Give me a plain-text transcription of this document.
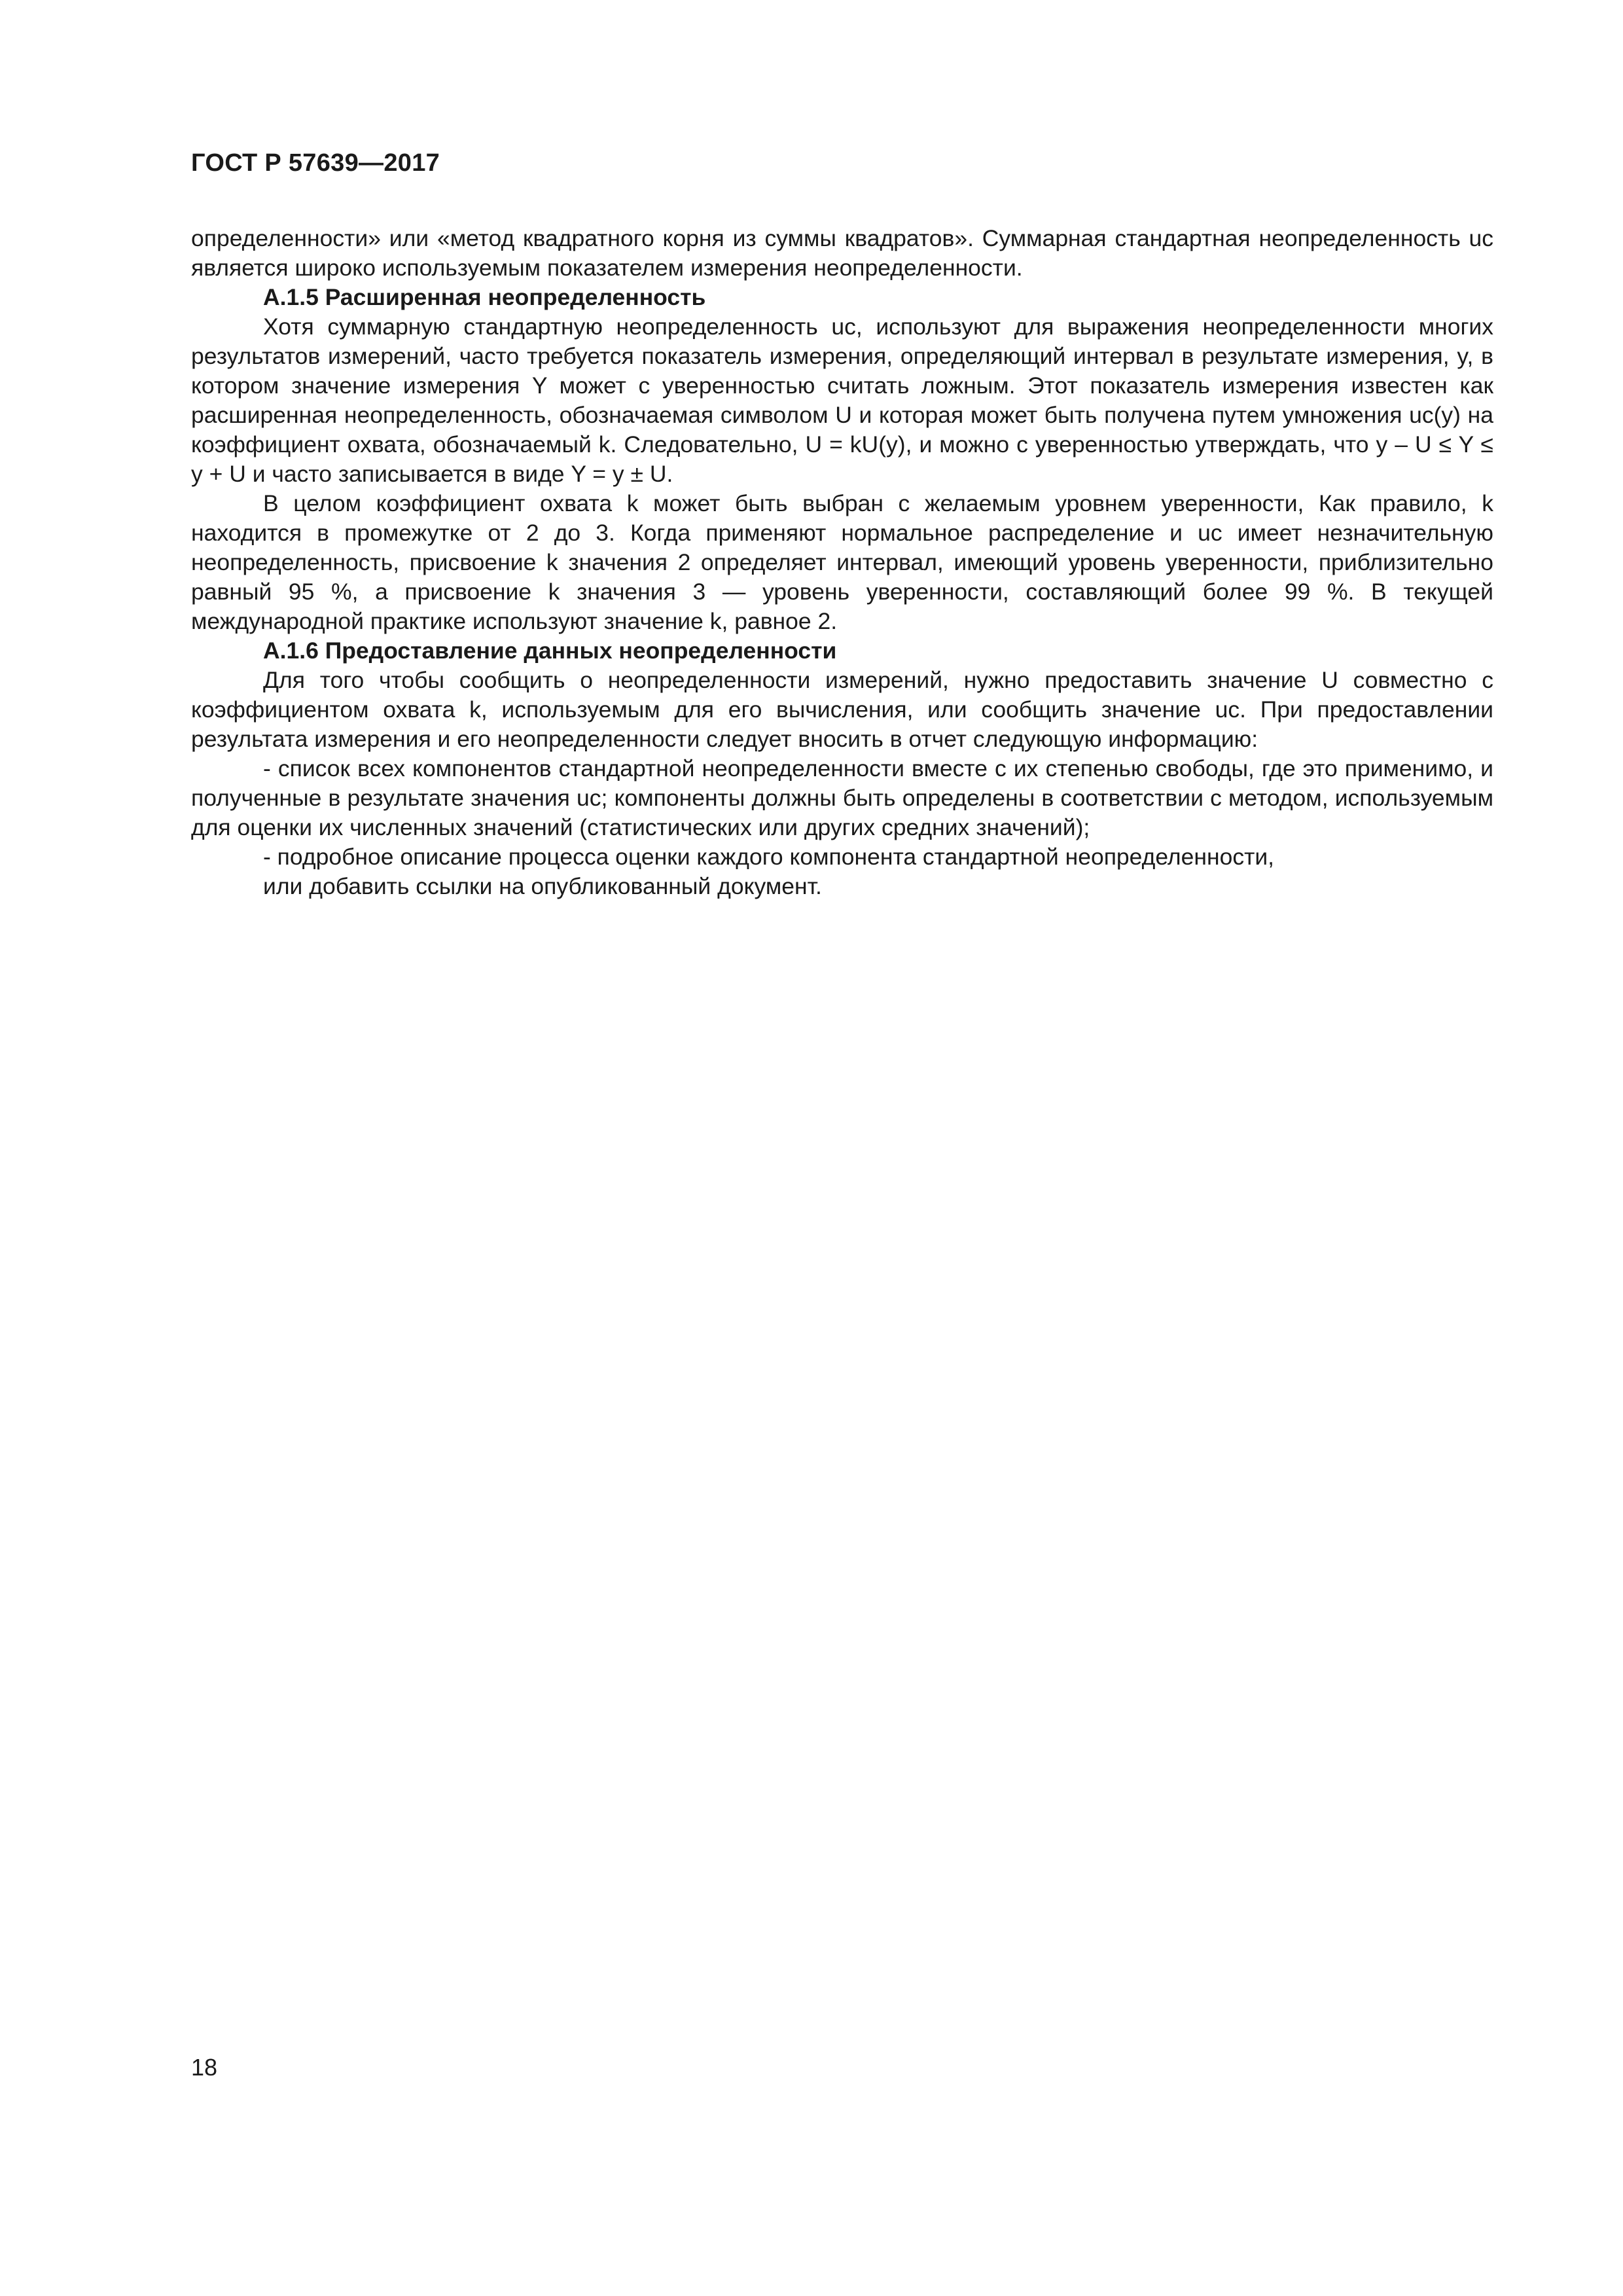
ГОСТ Р 57639—2017

определенности» или «метод квадратного корня из суммы квадратов». Суммарная стандартная неопределенность uc является широко используемым показателем измерения неопределенности.

А.1.5 Расширенная неопределенность

Хотя суммарную стандартную неопределенность uc, используют для выражения неопределенности многих результатов измерений, часто требуется показатель измерения, определяющий интервал в результате измерения, y, в котором значение измерения Y может с уверенностью считать ложным. Этот показатель измерения известен как расширенная неопределенность, обозначаемая символом U и которая может быть получена путем умножения uc(y) на коэффициент охвата, обозначаемый k. Следовательно, U = kU(y), и можно с уверенностью утверждать, что y – U ≤ Y ≤ y + U и часто записывается в виде Y = y ± U.

В целом коэффициент охвата k может быть выбран с желаемым уровнем уверенности, Как правило, k находится в промежутке от 2 до 3. Когда применяют нормальное распределение и uc имеет незначительную неопределенность, присвоение k значения 2 определяет интервал, имеющий уровень уверенности, приблизительно равный 95 %, а присвоение k значения 3 — уровень уверенности, составляющий более 99 %. В текущей международной практике используют значение k, равное 2.

А.1.6 Предоставление данных неопределенности

Для того чтобы сообщить о неопределенности измерений, нужно предоставить значение U совместно с коэффициентом охвата k, используемым для его вычисления, или сообщить значение uc. При предоставлении результата измерения и его неопределенности следует вносить в отчет следующую информацию:

- список всех компонентов стандартной неопределенности вместе с их степенью свободы, где это применимо, и полученные в результате значения uc; компоненты должны быть определены в соответствии с методом, используемым для оценки их численных значений (статистических или других средних значений);

- подробное описание процесса оценки каждого компонента стандартной неопределенности,

или добавить ссылки на опубликованный документ.

18
